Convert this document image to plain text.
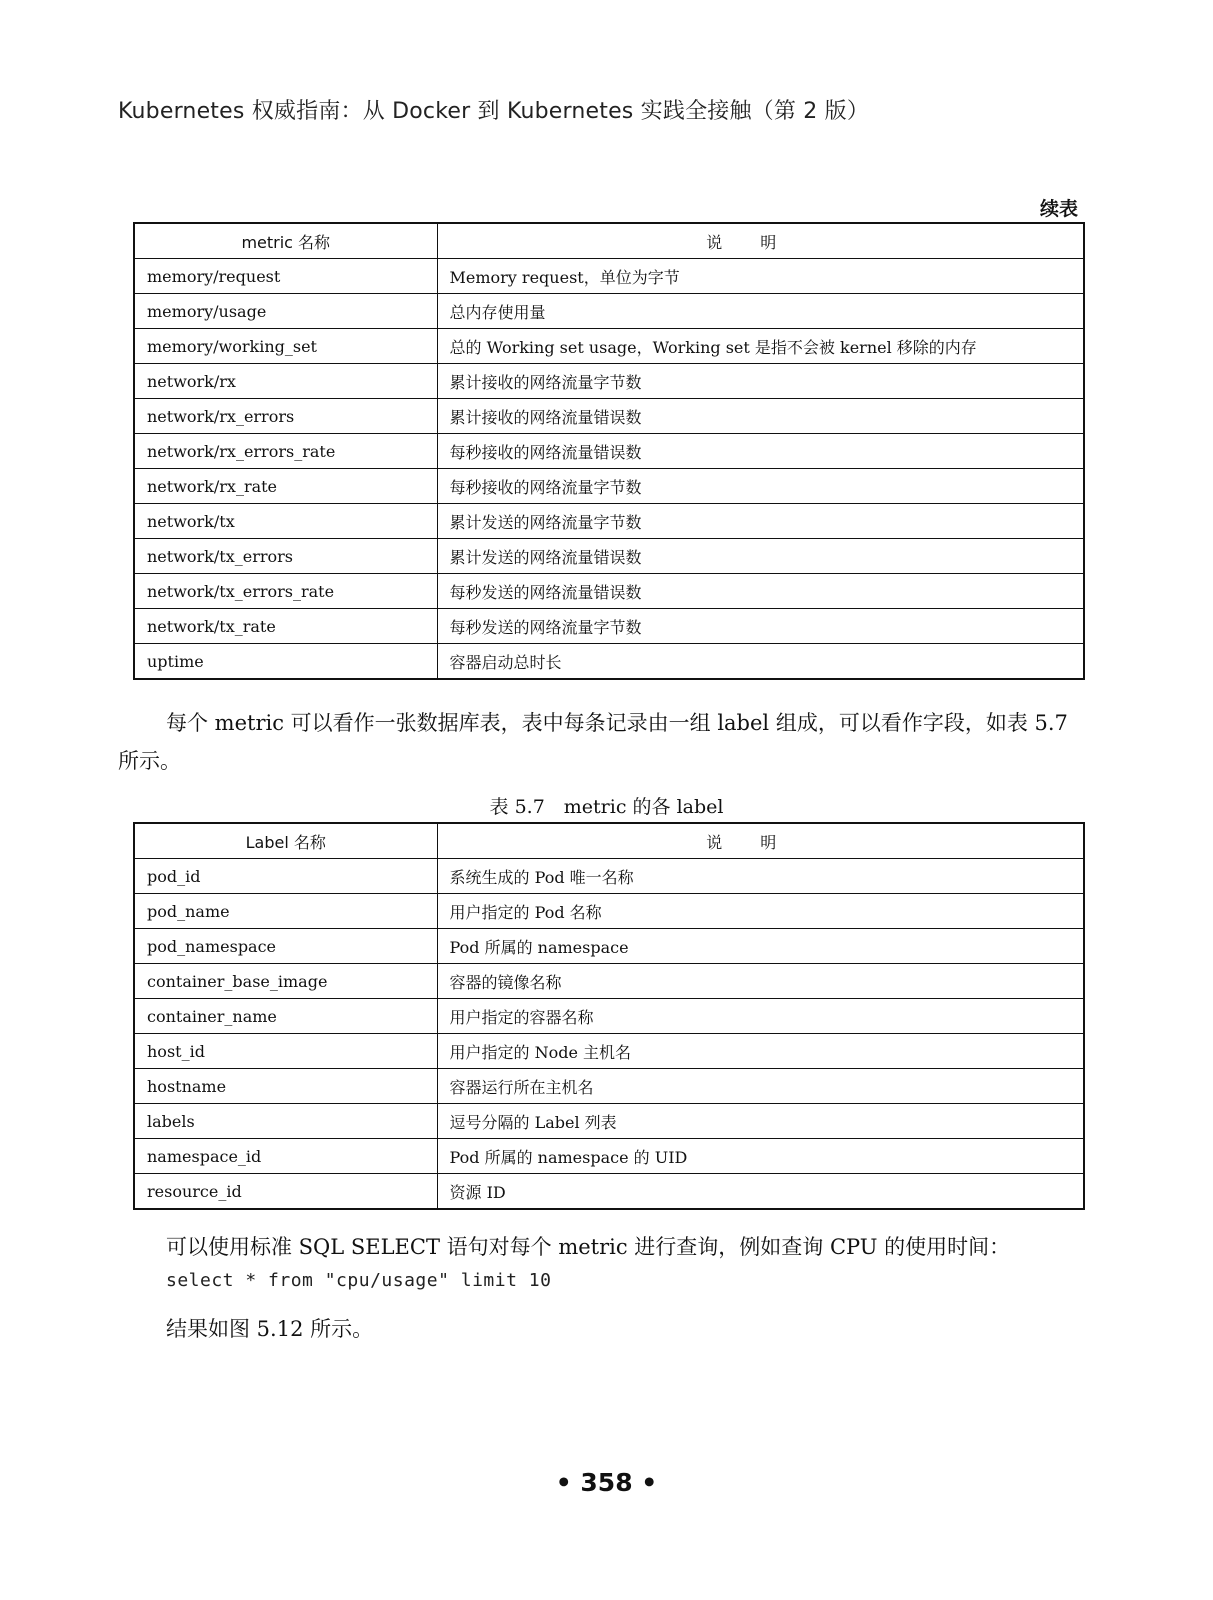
Kubernetes 权威指南：从 Docker 到 Kubernetes 实践全接触（第 2 版）
续表
metric 名称	说明
memory/request	Memory request，单位为字节
memory/usage	总内存使用量
memory/working_set	总的 Working set usage，Working set 是指不会被 kernel 移除的内存
network/rx	累计接收的网络流量字节数
network/rx_errors	累计接收的网络流量错误数
network/rx_errors_rate	每秒接收的网络流量错误数
network/rx_rate	每秒接收的网络流量字节数
network/tx	累计发送的网络流量字节数
network/tx_errors	累计发送的网络流量错误数
network/tx_errors_rate	每秒发送的网络流量错误数
network/tx_rate	每秒发送的网络流量字节数
uptime	容器启动总时长
每个 metric 可以看作一张数据库表，表中每条记录由一组 label 组成，可以看作字段，如表 5.7 所示。
表 5.7　metric 的各 label
Label 名称	说明
pod_id	系统生成的 Pod 唯一名称
pod_name	用户指定的 Pod 名称
pod_namespace	Pod 所属的 namespace
container_base_image	容器的镜像名称
container_name	用户指定的容器名称
host_id	用户指定的 Node 主机名
hostname	容器运行所在主机名
labels	逗号分隔的 Label 列表
namespace_id	Pod 所属的 namespace 的 UID
resource_id	资源 ID
可以使用标准 SQL SELECT 语句对每个 metric 进行查询，例如查询 CPU 的使用时间：
select * from "cpu/usage" limit 10
结果如图 5.12 所示。
• 358 •
